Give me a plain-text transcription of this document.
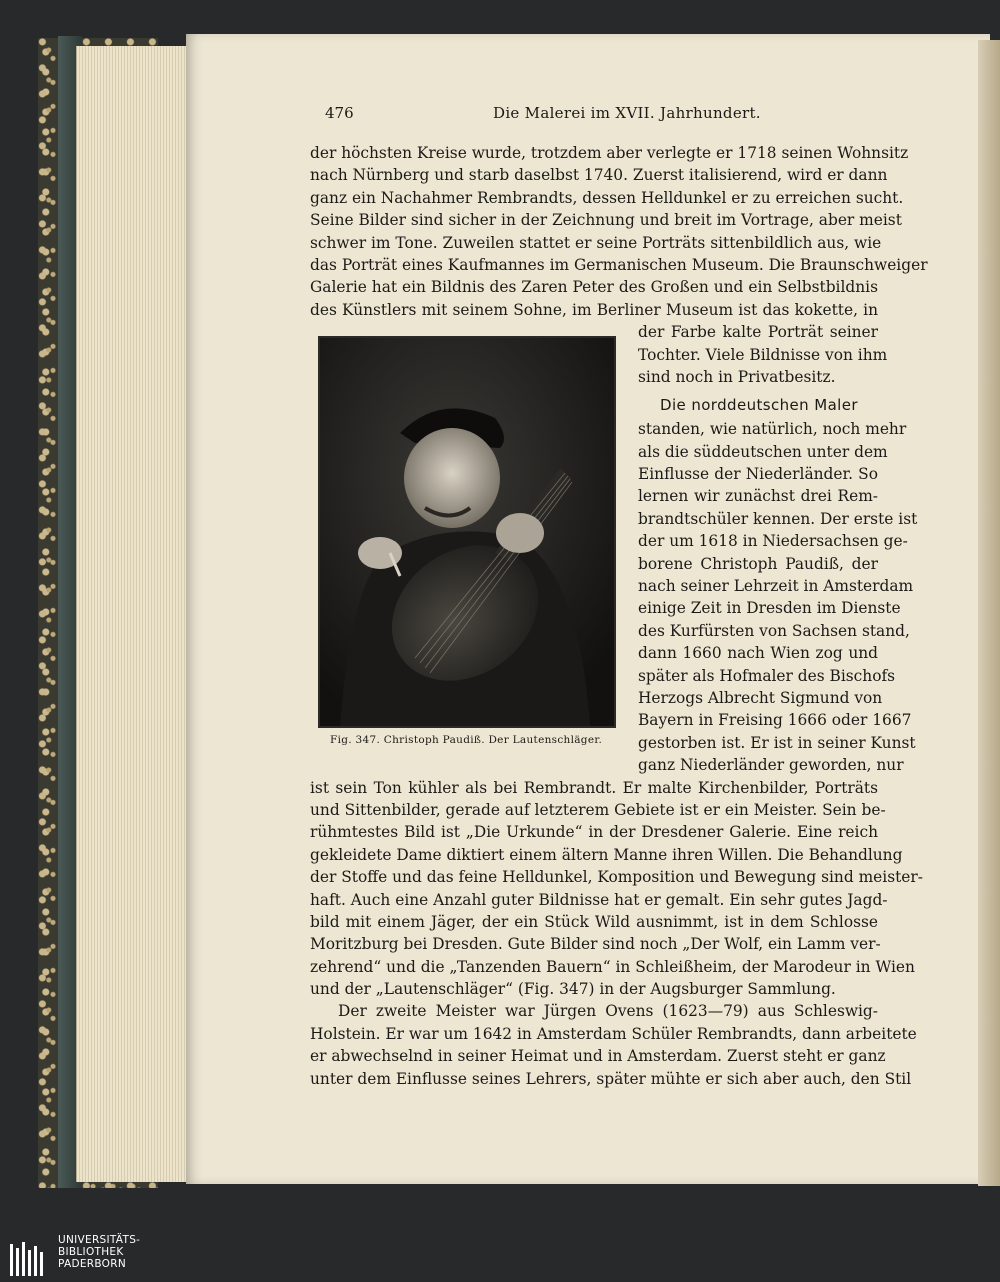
476	Die Malerei im XVII. Jahrhundert.
der höchsten Kreise wurde, trotzdem aber verlegte er 1718 seinen Wohnsitz
nach Nürnberg und starb daselbst 1740. Zuerst italisierend, wird er dann
ganz ein Nachahmer Rembrandts, dessen Helldunkel er zu erreichen sucht.
Seine Bilder sind sicher in der Zeichnung und breit im Vortrage, aber meist
schwer im Tone. Zuweilen stattet er seine Porträts sittenbildlich aus, wie
das Porträt eines Kaufmannes im Germanischen Museum. Die Braunschweiger
Galerie hat ein Bildnis des Zaren Peter des Großen und ein Selbstbildnis
des Künstlers mit seinem Sohne, im Berliner Museum ist das kokette, in
der Farbe kalte Porträt seiner
Tochter. Viele Bildnisse von ihm
sind noch in Privatbesitz.
Die norddeutschen Maler
standen, wie natürlich, noch mehr
als die süddeutschen unter dem
Einflusse der Niederländer. So
lernen wir zunächst drei Rem-
brandtschüler kennen. Der erste ist
der um 1618 in Niedersachsen ge-
borene Christoph Paudiß, der
nach seiner Lehrzeit in Amsterdam
einige Zeit in Dresden im Dienste
des Kurfürsten von Sachsen stand,
dann 1660 nach Wien zog und
später als Hofmaler des Bischofs
Herzogs Albrecht Sigmund von
Bayern in Freising 1666 oder 1667
gestorben ist. Er ist in seiner Kunst
ganz Niederländer geworden, nur
ist sein Ton kühler als bei Rembrandt. Er malte Kirchenbilder, Porträts
und Sittenbilder, gerade auf letzterem Gebiete ist er ein Meister. Sein be-
rühmtestes Bild ist „Die Urkunde“ in der Dresdener Galerie. Eine reich
gekleidete Dame diktiert einem ältern Manne ihren Willen. Die Behandlung
der Stoffe und das feine Helldunkel, Komposition und Bewegung sind meister-
haft. Auch eine Anzahl guter Bildnisse hat er gemalt. Ein sehr gutes Jagd-
bild mit einem Jäger, der ein Stück Wild ausnimmt, ist in dem Schlosse
Moritzburg bei Dresden. Gute Bilder sind noch „Der Wolf, ein Lamm ver-
zehrend“ und die „Tanzenden Bauern“ in Schleißheim, der Marodeur in Wien
und der „Lautenschläger“ (Fig. 347) in der Augsburger Sammlung.
Der zweite Meister war Jürgen Ovens (1623—79) aus Schleswig-
Holstein. Er war um 1642 in Amsterdam Schüler Rembrandts, dann arbeitete
er abwechselnd in seiner Heimat und in Amsterdam. Zuerst steht er ganz
unter dem Einflusse seines Lehrers, später mühte er sich aber auch, den Stil
Fig. 347. Christoph Paudiß. Der Lautenschläger.
UNIVERSITÄTS-
BIBLIOTHEK
PADERBORN
